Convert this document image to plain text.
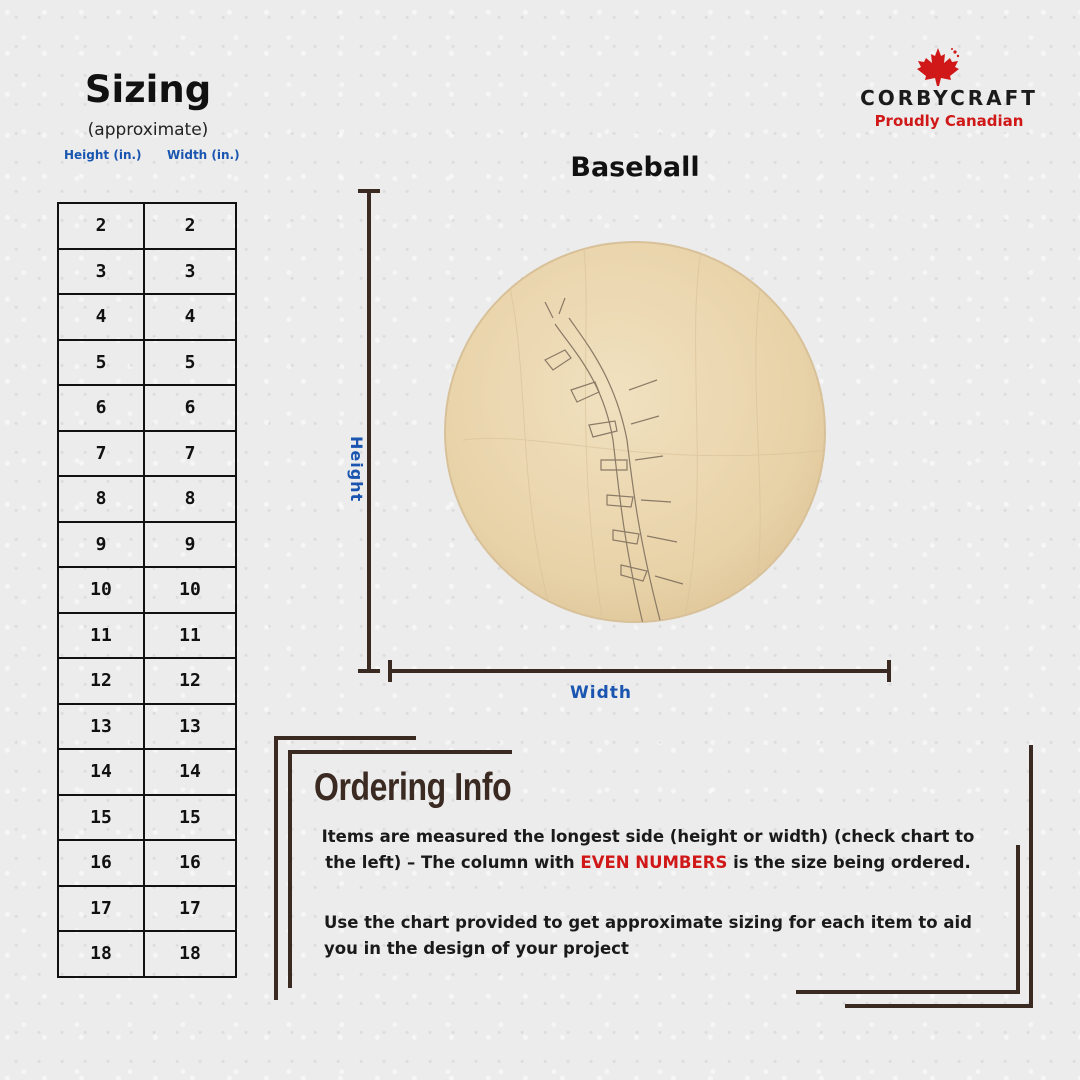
Sizing
(approximate)
Height (in.) Width (in.)
2	2
3	3
4	4
5	5
6	6
7	7
8	8
9	9
10	10
11	11
12	12
13	13
14	14
15	15
16	16
17	17
18	18
CORBYCRAFT
Proudly Canadian
Baseball
Height
Width
Ordering Info
Items are measured the longest side (height or width) (check chart to the left) – The column with EVEN NUMBERS is the size being ordered.
Use the chart provided to get approximate sizing for each item to aid you in the design of your project
